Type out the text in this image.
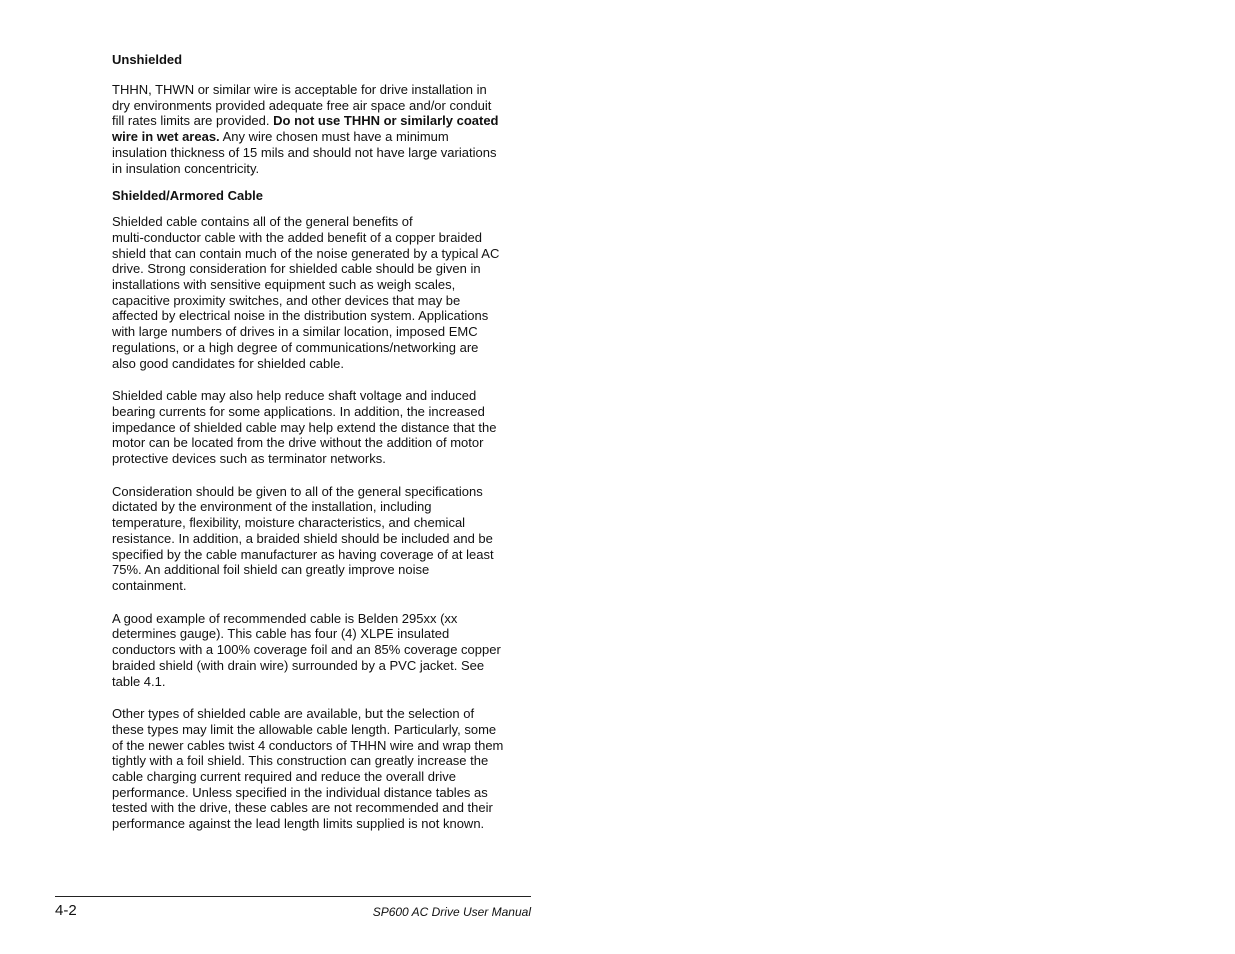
Unshielded

THHN, THWN or similar wire is acceptable for drive installation in
dry environments provided adequate free air space and/or conduit
fill rates limits are provided. Do not use THHN or similarly coated
wire in wet areas. Any wire chosen must have a minimum
insulation thickness of 15 mils and should not have large variations
in insulation concentricity.

Shielded/Armored Cable

Shielded cable contains all of the general benefits of
multi-conductor cable with the added benefit of a copper braided
shield that can contain much of the noise generated by a typical AC
drive. Strong consideration for shielded cable should be given in
installations with sensitive equipment such as weigh scales,
capacitive proximity switches, and other devices that may be
affected by electrical noise in the distribution system. Applications
with large numbers of drives in a similar location, imposed EMC
regulations, or a high degree of communications/networking are
also good candidates for shielded cable.

Shielded cable may also help reduce shaft voltage and induced
bearing currents for some applications. In addition, the increased
impedance of shielded cable may help extend the distance that the
motor can be located from the drive without the addition of motor
protective devices such as terminator networks.

Consideration should be given to all of the general specifications
dictated by the environment of the installation, including
temperature, flexibility, moisture characteristics, and chemical
resistance. In addition, a braided shield should be included and be
specified by the cable manufacturer as having coverage of at least
75%. An additional foil shield can greatly improve noise
containment.

A good example of recommended cable is Belden 295xx (xx
determines gauge). This cable has four (4) XLPE insulated
conductors with a 100% coverage foil and an 85% coverage copper
braided shield (with drain wire) surrounded by a PVC jacket. See
table 4.1.

Other types of shielded cable are available, but the selection of
these types may limit the allowable cable length. Particularly, some
of the newer cables twist 4 conductors of THHN wire and wrap them
tightly with a foil shield. This construction can greatly increase the
cable charging current required and reduce the overall drive
performance. Unless specified in the individual distance tables as
tested with the drive, these cables are not recommended and their
performance against the lead length limits supplied is not known.

4-2	SP600 AC Drive User Manual
